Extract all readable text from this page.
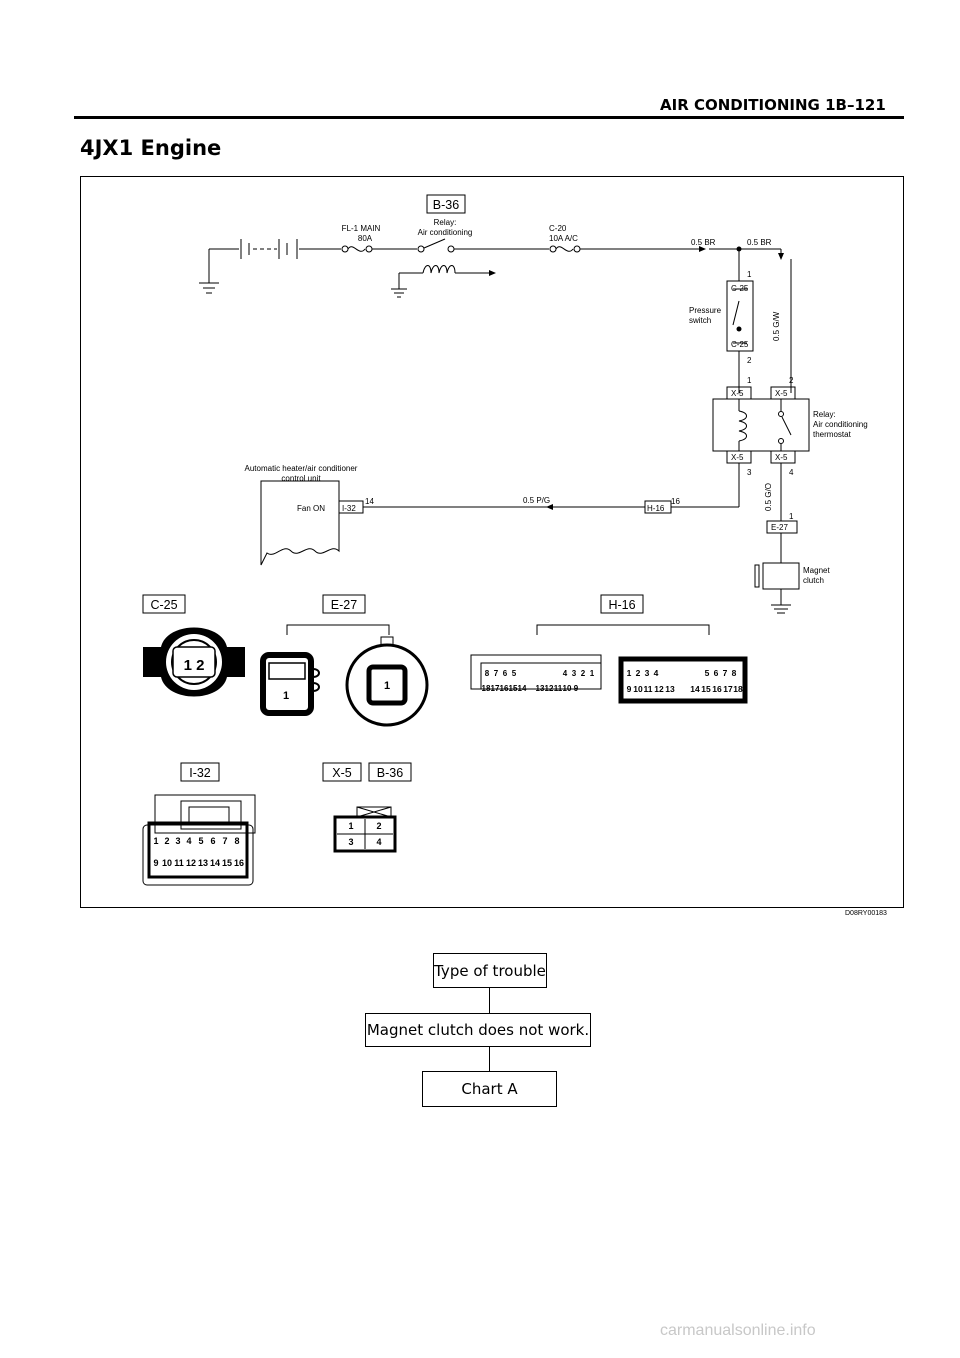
AIR CONDITIONING 1B–121
4JX1 Engine
B-36
C-25	E-27	H-16
I-32	X-5 B-36
FL-1 MAIN
80A
Relay:
Air conditioning	C-20
10A A/C	0.5 BR	0.5 BR
1
C-25
C-25
2
Pressure
switch	0.5 G/W
1	2
X-5	X-5
X-5	X-5
3	4
Relay:
Air conditioning
thermostat
Automatic heater/air conditioner
control unit
Fan ON I-32
14	0.5 P/G
H-16
16	0.5 G/O
1
E-27
Magnet
clutch
1 2
1
1
8 7 6 5	4 3 2 1
18 17 16 15 14 13 12 11 10 9
1 2 3 4	5 6 7 8
9 10 11 12 13 14 15 16 17 18
1 2 3 4 5 6 7 8
9 10 11 12 13 14 15 16
1	2
3	4
D08RY00183
Type of trouble
Magnet clutch does not work.
Chart A
carmanualsonline.info
